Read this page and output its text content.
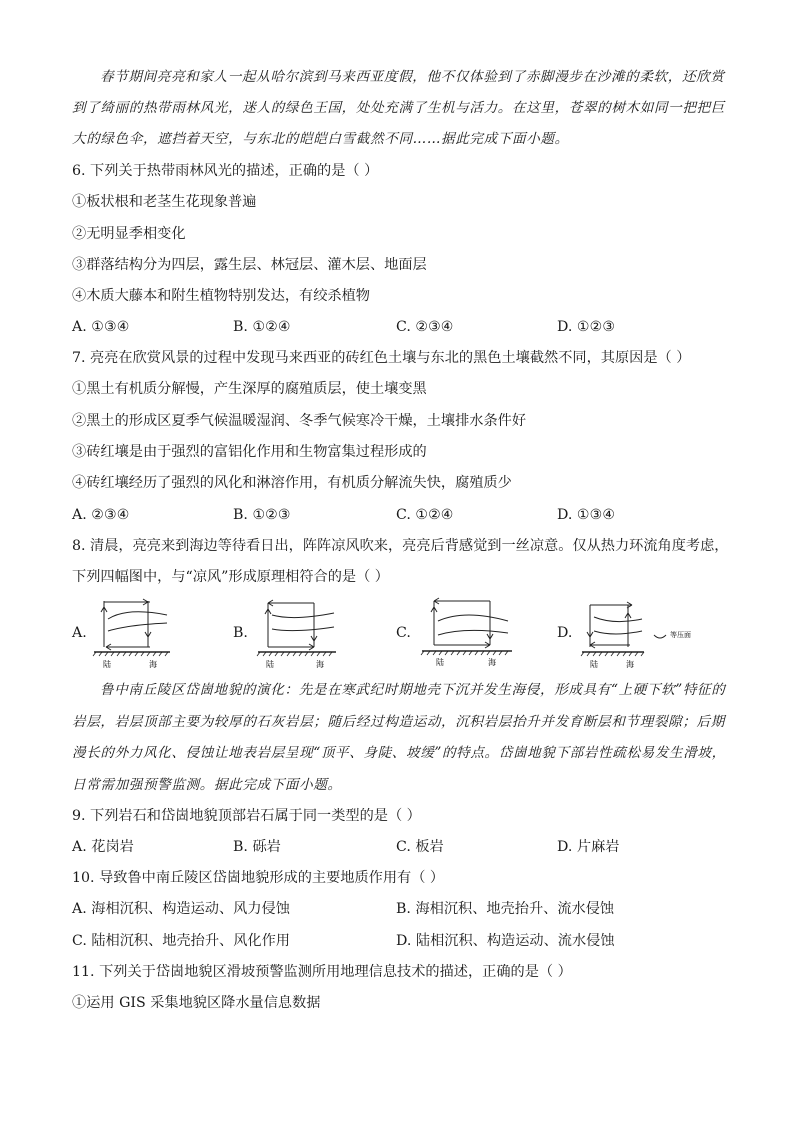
春节期间亮亮和家人一起从哈尔滨到马来西亚度假，他不仅体验到了赤脚漫步在沙滩的柔软，还欣赏
到了绮丽的热带雨林风光，迷人的绿色王国，处处充满了生机与活力。在这里，苍翠的树木如同一把把巨
大的绿色伞，遮挡着天空，与东北的皑皑白雪截然不同……据此完成下面小题。
6. 下列关于热带雨林风光的描述，正确的是（ ）
①板状根和老茎生花现象普遍
②无明显季相变化
③群落结构分为四层，露生层、林冠层、灌木层、地面层
④木质大藤本和附生植物特别发达，有绞杀植物
A. ①③④	B. ①②④	C. ②③④	D. ①②③
7. 亮亮在欣赏风景的过程中发现马来西亚的砖红色土壤与东北的黑色土壤截然不同，其原因是（ ）
①黑土有机质分解慢，产生深厚的腐殖质层，使土壤变黑
②黑土的形成区夏季气候温暖湿润、冬季气候寒冷干燥，土壤排水条件好
③砖红壤是由于强烈的富铝化作用和生物富集过程形成的
④砖红壤经历了强烈的风化和淋溶作用，有机质分解流失快，腐殖质少
A. ②③④	B. ①②③	C. ①②④	D. ①③④
8. 清晨，亮亮来到海边等待看日出，阵阵凉风吹来，亮亮后背感觉到一丝凉意。仅从热力环流角度考虑，
下列四幅图中，与“凉风”形成原理相符合的是（ ）
A.
陆	海
B.
陆	海
C.
陆	海
D.	等压面
陆	海
鲁中南丘陵区岱崮地貌的演化：先是在寒武纪时期地壳下沉并发生海侵，形成具有“上硬下软”特征的
岩层，岩层顶部主要为较厚的石灰岩层；随后经过构造运动，沉积岩层抬升并发育断层和节理裂隙；后期
漫长的外力风化、侵蚀让地表岩层呈现“顶平、身陡、坡缓”的特点。岱崮地貌下部岩性疏松易发生滑坡，
日常需加强预警监测。据此完成下面小题。
9. 下列岩石和岱崮地貌顶部岩石属于同一类型的是（ ）
A. 花岗岩	B. 砾岩	C. 板岩	D. 片麻岩
10. 导致鲁中南丘陵区岱崮地貌形成的主要地质作用有（ ）
A. 海相沉积、构造运动、风力侵蚀	B. 海相沉积、地壳抬升、流水侵蚀
C. 陆相沉积、地壳抬升、风化作用	D. 陆相沉积、构造运动、流水侵蚀
11. 下列关于岱崮地貌区滑坡预警监测所用地理信息技术的描述，正确的是（ ）
①运用 GIS 采集地貌区降水量信息数据
